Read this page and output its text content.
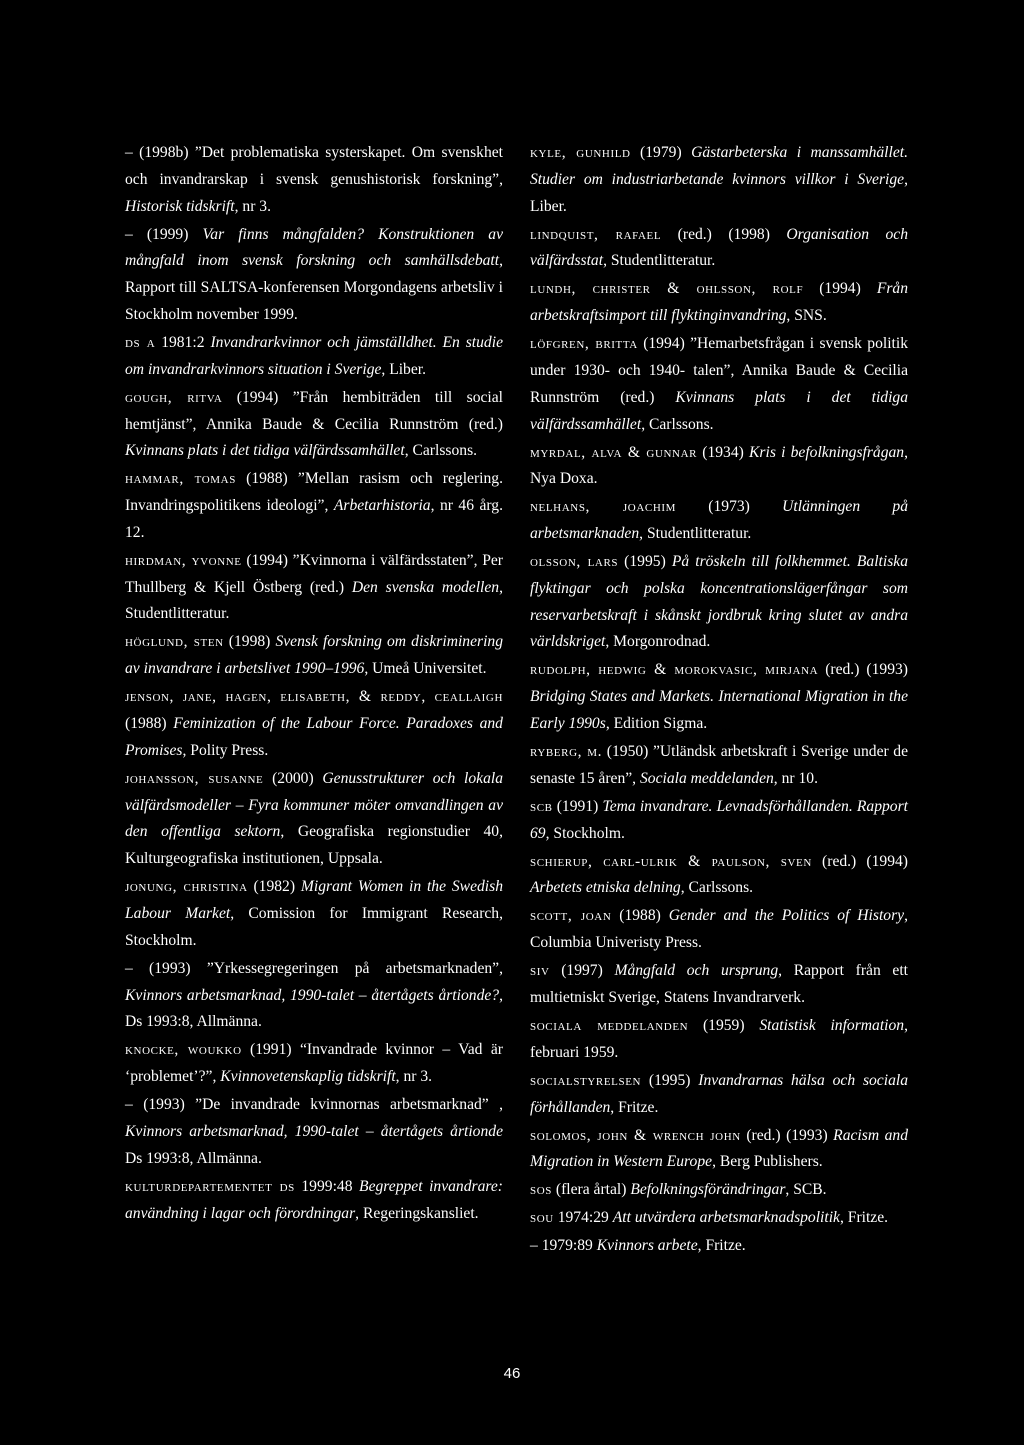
– (1998b) ”Det problematiska systerskapet. Om svenskhet och invandrarskap i svensk genushistorisk forskning”, Historisk tidskrift, nr 3.

– (1999) Var finns mångfalden? Konstruktionen av mångfald inom svensk forskning och samhällsdebatt, Rapport till SALTSA-konferensen Morgondagens arbetsliv i Stockholm november 1999.

ds a 1981:2 Invandrarkvinnor och jämställdhet. En studie om invandrarkvinnors situation i Sverige, Liber.

gough, ritva (1994) ”Från hembiträden till social hemtjänst”, Annika Baude & Cecilia Runnström (red.) Kvinnans plats i det tidiga välfärdssamhället, Carlssons.

hammar, tomas (1988) ”Mellan rasism och reglering. Invandringspolitikens ideologi”, Arbetarhistoria, nr 46 årg. 12.

hirdman, yvonne (1994) ”Kvinnorna i välfärdsstaten”, Per Thullberg & Kjell Östberg (red.) Den svenska modellen, Studentlitteratur.

höglund, sten (1998) Svensk forskning om diskriminering av invandrare i arbetslivet 1990–1996, Umeå Universitet.

jenson, jane, hagen, elisabeth, & reddy, ceallaigh (1988) Feminization of the Labour Force. Paradoxes and Promises, Polity Press.

johansson, susanne (2000) Genusstrukturer och lokala välfärdsmodeller – Fyra kommuner möter omvandlingen av den offentliga sektorn, Geografiska regionstudier 40, Kulturgeografiska institutionen, Uppsala.

jonung, christina (1982) Migrant Women in the Swedish Labour Market, Comission for Immigrant Research, Stockholm.

– (1993) ”Yrkessegregeringen på arbetsmarknaden”, Kvinnors arbetsmarknad, 1990-talet – återtågets årtionde?, Ds 1993:8, Allmänna.

knocke, woukko (1991) “Invandrade kvinnor – Vad är ‘problemet’?”, Kvinnovetenskaplig tidskrift, nr 3.

– (1993) ”De invandrade kvinnornas arbetsmarknad” , Kvinnors arbetsmarknad, 1990-talet – återtågets årtionde Ds 1993:8, Allmänna.

kulturdepartementet ds 1999:48 Begreppet invandrare: användning i lagar och förordningar, Regeringskansliet.

kyle, gunhild (1979) Gästarbeterska i manssamhället. Studier om industriarbetande kvinnors villkor i Sverige, Liber.

lindquist, rafael (red.) (1998) Organisation och välfärdsstat, Studentlitteratur.

lundh, christer & ohlsson, rolf (1994) Från arbetskraftsimport till flyktinginvandring, SNS.

löfgren, britta (1994) ”Hemarbetsfrågan i svensk politik under 1930- och 1940- talen”, Annika Baude & Cecilia Runnström (red.) Kvinnans plats i det tidiga välfärdssamhället, Carlssons.

myrdal, alva & gunnar (1934) Kris i befolkningsfrågan, Nya Doxa.

nelhans, joachim (1973) Utlänningen på arbetsmarknaden, Studentlitteratur.

olsson, lars (1995) På tröskeln till folkhemmet. Baltiska flyktingar och polska koncentrationslägerfångar som reservarbetskraft i skånskt jordbruk kring slutet av andra världskriget, Morgonrodnad.

rudolph, hedwig & morokvasic, mirjana (red.) (1993) Bridging States and Markets. International Migration in the Early 1990s, Edition Sigma.

ryberg, m. (1950) ”Utländsk arbetskraft i Sverige under de senaste 15 åren”, Sociala meddelanden, nr 10.

scb (1991) Tema invandrare. Levnadsförhållanden. Rapport 69, Stockholm.

schierup, carl-ulrik & paulson, sven (red.) (1994) Arbetets etniska delning, Carlssons.

scott, joan (1988) Gender and the Politics of History, Columbia Univeristy Press.

siv (1997) Mångfald och ursprung, Rapport från ett multietniskt Sverige, Statens Invandrarverk.

sociala meddelanden (1959) Statistisk information, februari 1959.

socialstyrelsen (1995) Invandrarnas hälsa och sociala förhållanden, Fritze.

solomos, john & wrench john (red.) (1993) Racism and Migration in Western Europe, Berg Publishers.

sos (flera årtal) Befolkningsförändringar, SCB.

sou 1974:29 Att utvärdera arbetsmarknadspolitik, Fritze.

– 1979:89 Kvinnors arbete, Fritze.

46
